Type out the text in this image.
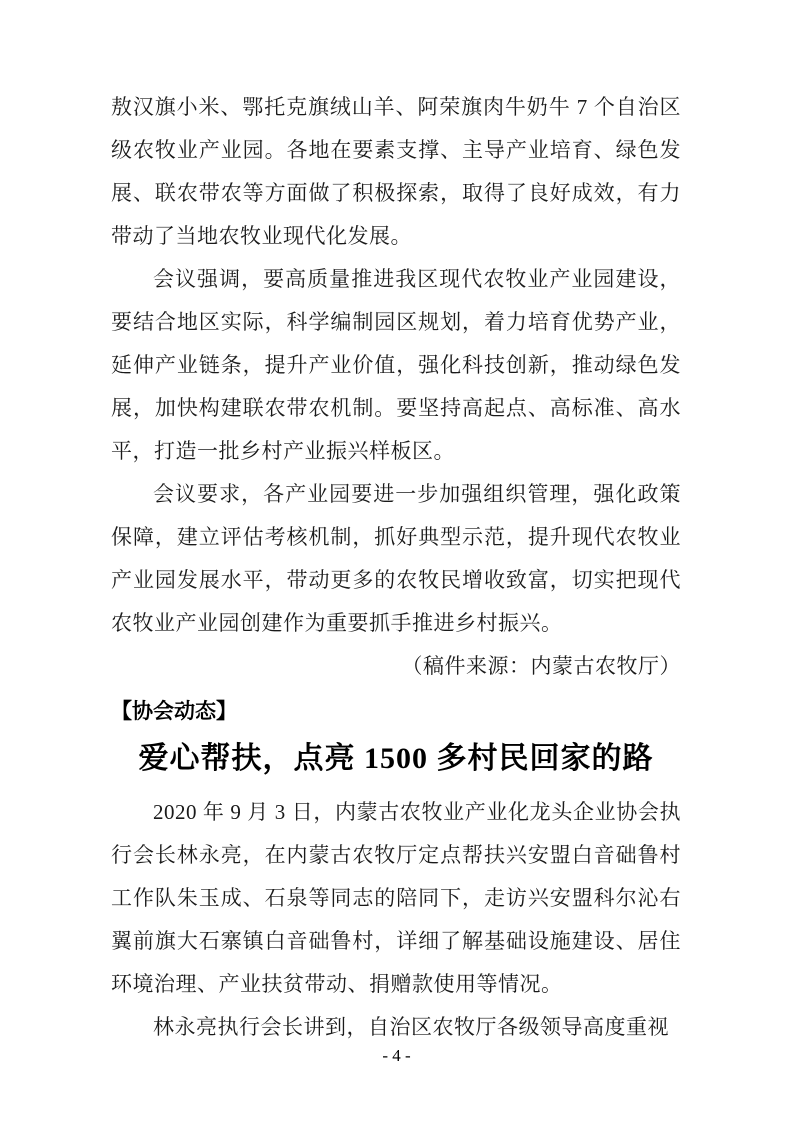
敖汉旗小米、鄂托克旗绒山羊、阿荣旗肉牛奶牛 7 个自治区级农牧业产业园。各地在要素支撑、主导产业培育、绿色发展、联农带农等方面做了积极探索，取得了良好成效，有力带动了当地农牧业现代化发展。

会议强调，要高质量推进我区现代农牧业产业园建设，要结合地区实际，科学编制园区规划，着力培育优势产业，延伸产业链条，提升产业价值，强化科技创新，推动绿色发展，加快构建联农带农机制。要坚持高起点、高标准、高水平，打造一批乡村产业振兴样板区。

会议要求，各产业园要进一步加强组织管理，强化政策保障，建立评估考核机制，抓好典型示范，提升现代农牧业产业园发展水平，带动更多的农牧民增收致富，切实把现代农牧业产业园创建作为重要抓手推进乡村振兴。

（稿件来源：内蒙古农牧厅）

【协会动态】
爱心帮扶，点亮 1500 多村民回家的路

2020 年 9 月 3 日，内蒙古农牧业产业化龙头企业协会执行会长林永亮，在内蒙古农牧厅定点帮扶兴安盟白音础鲁村工作队朱玉成、石泉等同志的陪同下，走访兴安盟科尔沁右翼前旗大石寨镇白音础鲁村，详细了解基础设施建设、居住环境治理、产业扶贫带动、捐赠款使用等情况。

林永亮执行会长讲到，自治区农牧厅各级领导高度重视

- 4 -
